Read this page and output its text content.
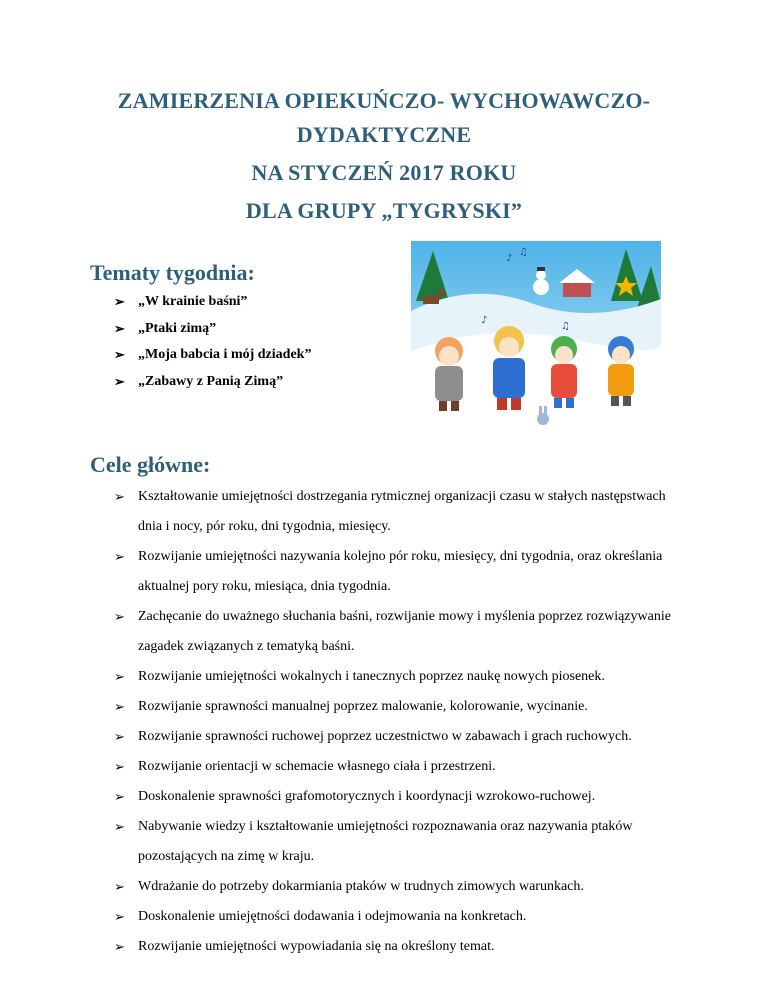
ZAMIERZENIA OPIEKUŃCZO- WYCHOWAWCZO-
DYDAKTYCZNE
NA STYCZEŃ 2017 ROKU
DLA GRUPY „TYGRYSKI”
Tematy tygodnia:
➢ „W krainie baśni”
➢ „Ptaki zimą”
➢ „Moja babcia i mój dziadek”
➢ „Zabawy z Panią Zimą”
♪
♫
♪
♫
Cele główne:
➢ Kształtowanie umiejętności dostrzegania rytmicznej organizacji czasu w stałych następstwach dnia i nocy, pór roku, dni tygodnia, miesięcy.
➢ Rozwijanie umiejętności nazywania kolejno pór roku, miesięcy, dni tygodnia, oraz określania aktualnej pory roku, miesiąca, dnia tygodnia.
➢ Zachęcanie do uważnego słuchania baśni, rozwijanie mowy i myślenia poprzez rozwiązywanie zagadek związanych z tematyką baśni.
➢ Rozwijanie umiejętności wokalnych i tanecznych poprzez naukę nowych piosenek.
➢ Rozwijanie sprawności manualnej poprzez malowanie, kolorowanie, wycinanie.
➢ Rozwijanie sprawności ruchowej poprzez uczestnictwo w zabawach i grach ruchowych.
➢ Rozwijanie orientacji w schemacie własnego ciała i przestrzeni.
➢ Doskonalenie sprawności grafomotorycznych i koordynacji wzrokowo-ruchowej.
➢ Nabywanie wiedzy i kształtowanie umiejętności rozpoznawania oraz nazywania ptaków pozostających na zimę w kraju.
➢ Wdrażanie do potrzeby dokarmiania ptaków w trudnych zimowych warunkach.
➢ Doskonalenie umiejętności dodawania i odejmowania na konkretach.
➢ Rozwijanie umiejętności wypowiadania się na określony temat.
